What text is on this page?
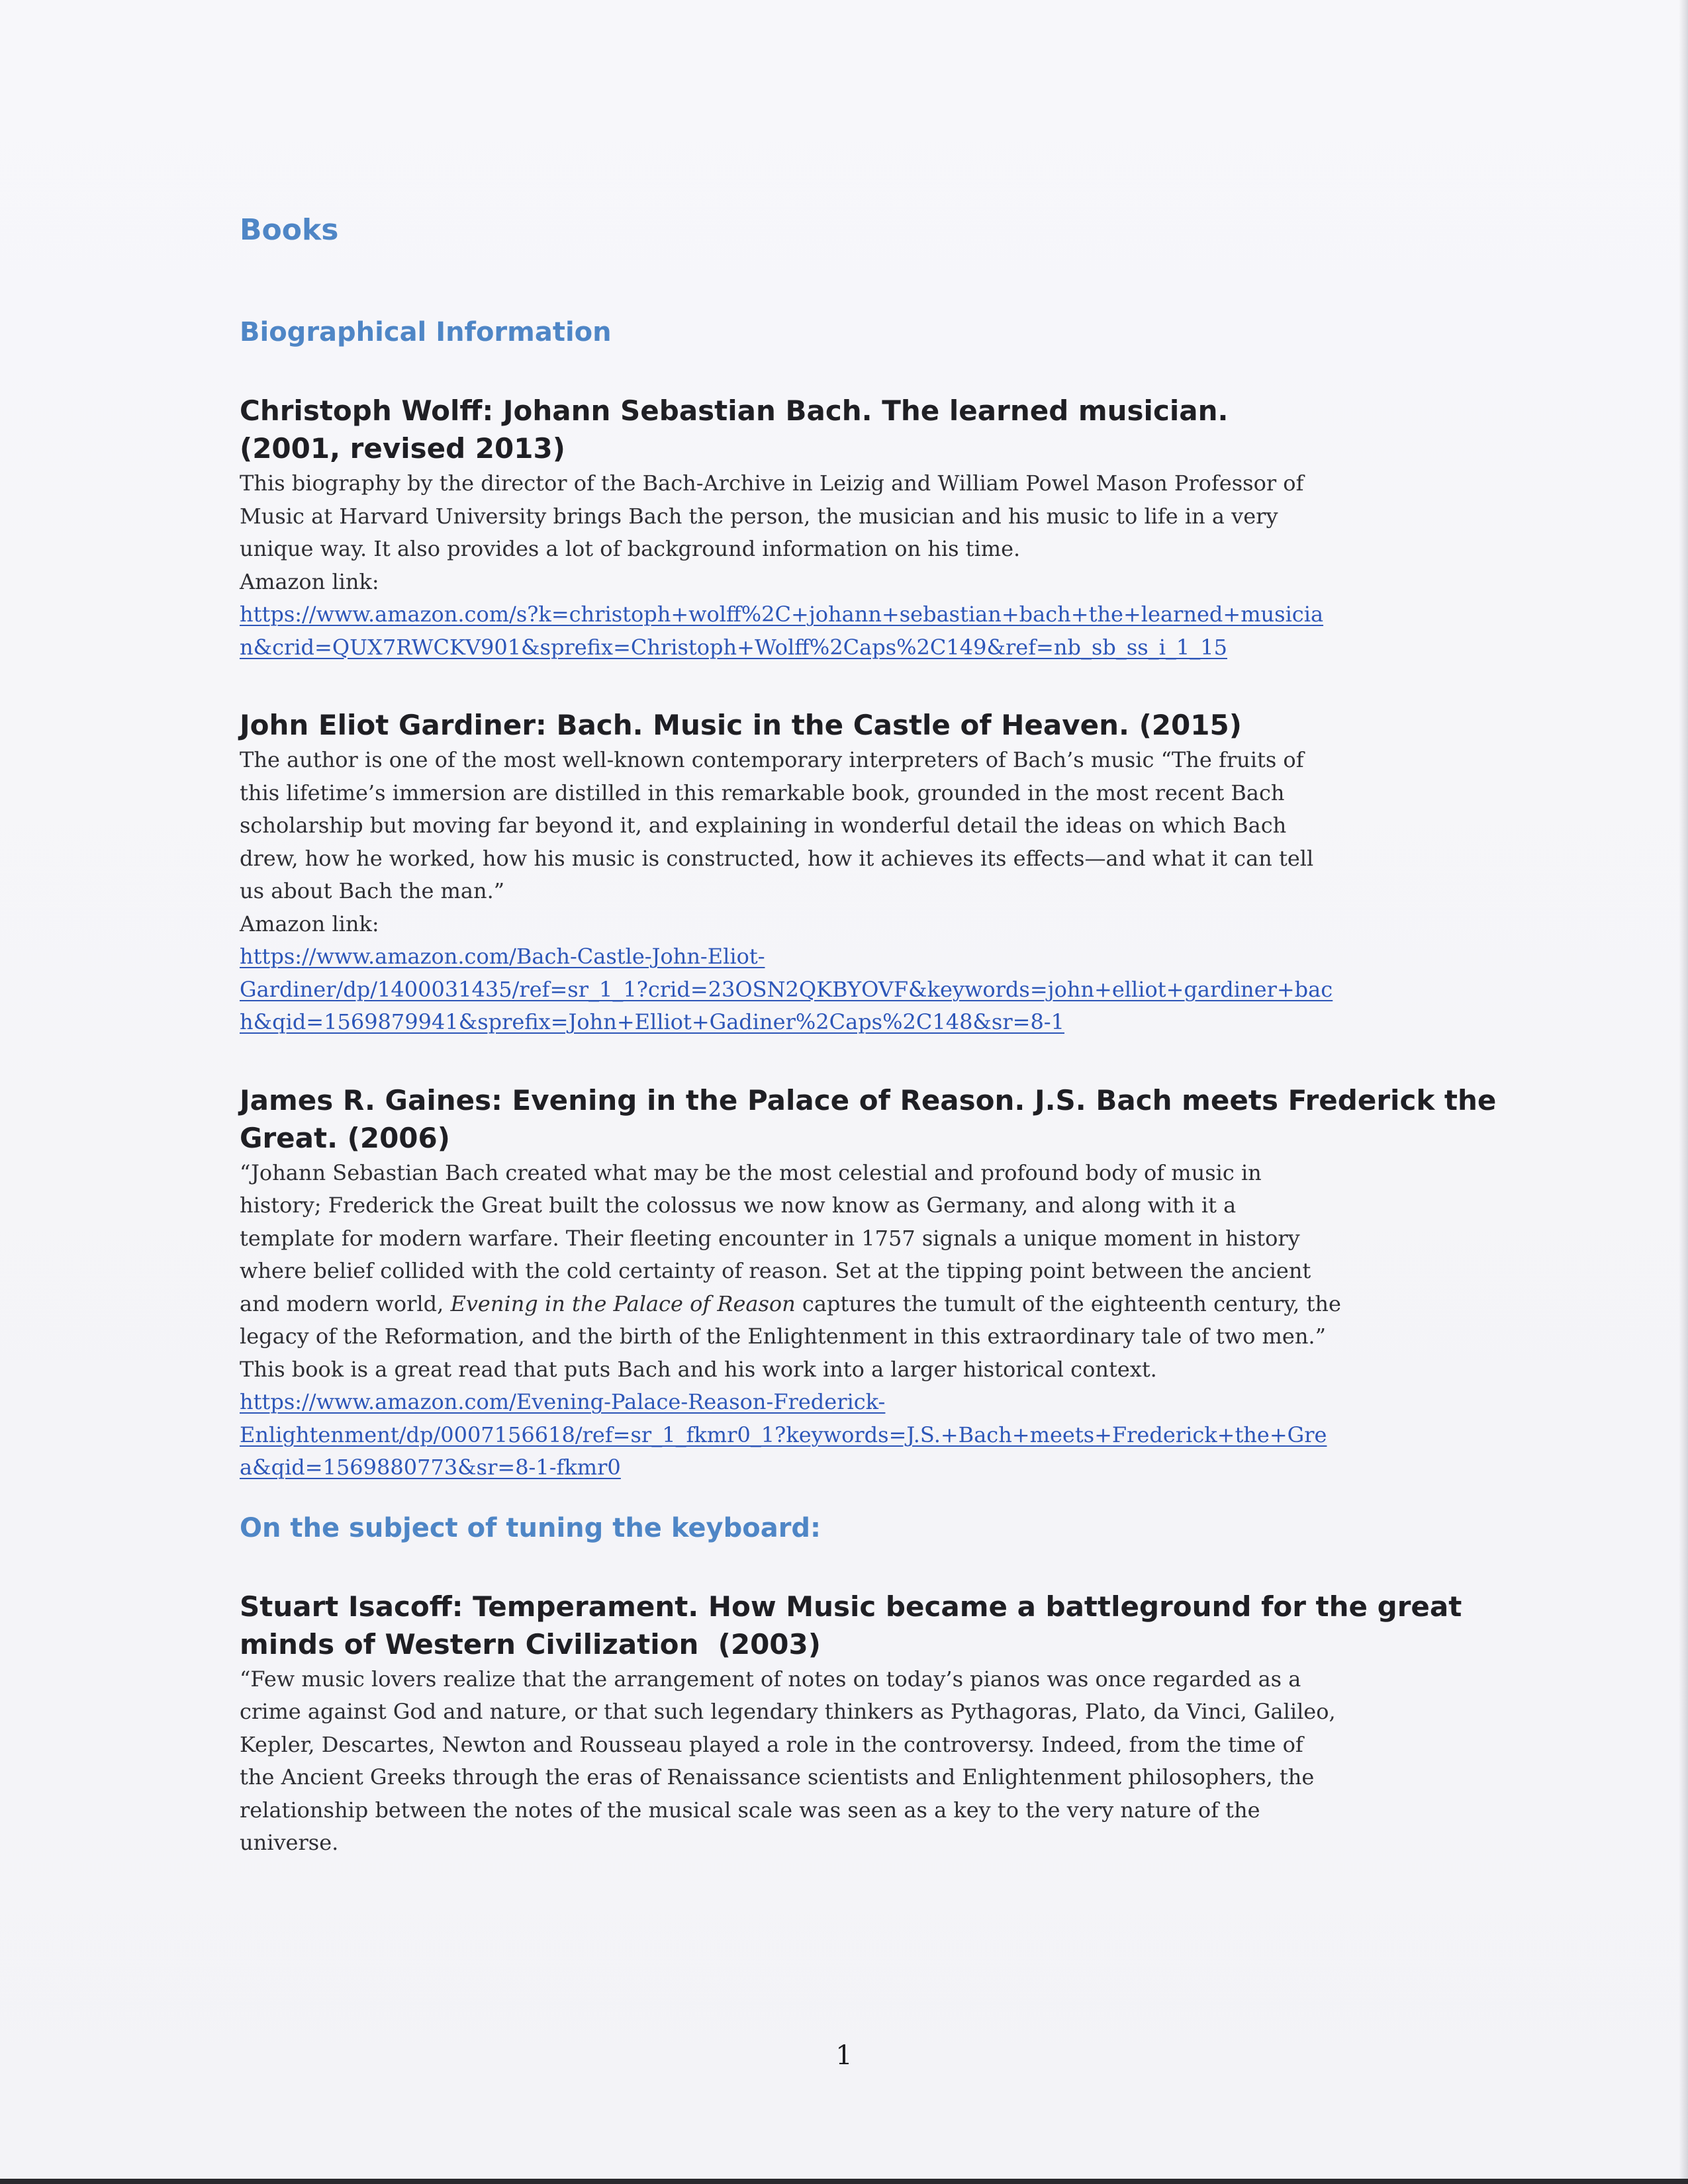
Books
Biographical Information
Christoph Wolff: Johann Sebastian Bach. The learned musician.
(2001, revised 2013)

This biography by the director of the Bach-Archive in Leizig and William Powel Mason Professor of
Music at Harvard University brings Bach the person, the musician and his music to life in a very
unique way. It also provides a lot of background information on his time.
Amazon link:

https://www.amazon.com/s?k=christoph+wolff%2C+johann+sebastian+bach+the+learned+musicia
n&crid=QUX7RWCKV901&sprefix=Christoph+Wolff%2Caps%2C149&ref=nb_sb_ss_i_1_15
John Eliot Gardiner: Bach. Music in the Castle of Heaven. (2015)

The author is one of the most well-known contemporary interpreters of Bach’s music “The fruits of
this lifetime’s immersion are distilled in this remarkable book, grounded in the most recent Bach
scholarship but moving far beyond it, and explaining in wonderful detail the ideas on which Bach
drew, how he worked, how his music is constructed, how it achieves its effects—and what it can tell
us about Bach the man.”
Amazon link:

https://www.amazon.com/Bach-Castle-John-Eliot-
Gardiner/dp/1400031435/ref=sr_1_1?crid=23OSN2QKBYOVF&keywords=john+elliot+gardiner+bac
h&qid=1569879941&sprefix=John+Elliot+Gadiner%2Caps%2C148&sr=8-1
James R. Gaines: Evening in the Palace of Reason. J.S. Bach meets Frederick the
Great. (2006)

“Johann Sebastian Bach created what may be the most celestial and profound body of music in
history; Frederick the Great built the colossus we now know as Germany, and along with it a
template for modern warfare. Their fleeting encounter in 1757 signals a unique moment in history
where belief collided with the cold certainty of reason. Set at the tipping point between the ancient
and modern world, Evening in the Palace of Reason captures the tumult of the eighteenth century, the
legacy of the Reformation, and the birth of the Enlightenment in this extraordinary tale of two men.”
This book is a great read that puts Bach and his work into a larger historical context.

https://www.amazon.com/Evening-Palace-Reason-Frederick-
Enlightenment/dp/0007156618/ref=sr_1_fkmr0_1?keywords=J.S.+Bach+meets+Frederick+the+Gre
a&qid=1569880773&sr=8-1-fkmr0
On the subject of tuning the keyboard:
Stuart Isacoff: Temperament. How Music became a battleground for the great
minds of Western Civilization  (2003)

“Few music lovers realize that the arrangement of notes on today’s pianos was once regarded as a
crime against God and nature, or that such legendary thinkers as Pythagoras, Plato, da Vinci, Galileo,
Kepler, Descartes, Newton and Rousseau played a role in the controversy. Indeed, from the time of
the Ancient Greeks through the eras of Renaissance scientists and Enlightenment philosophers, the
relationship between the notes of the musical scale was seen as a key to the very nature of the
universe.

1
